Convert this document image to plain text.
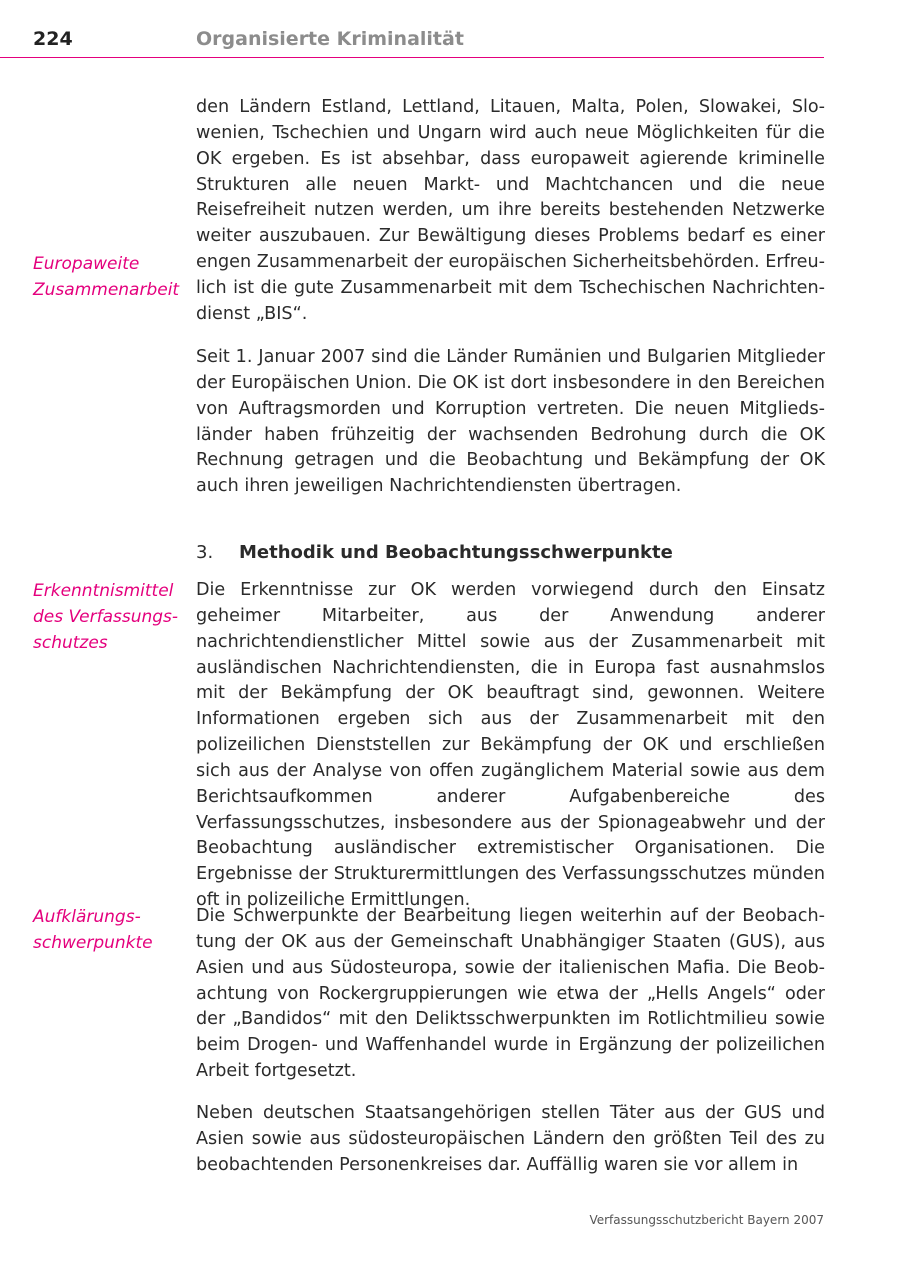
224	Organisierte Kriminalität
Europaweite Zusammenarbeit
Erkenntnismittel des Verfassungsschutzes
Aufklärungsschwerpunkte

den Ländern Estland, Lettland, Litauen, Malta, Polen, Slowakei, Slowenien, Tschechien und Ungarn wird auch neue Möglichkeiten für die OK ergeben. Es ist absehbar, dass europaweit agierende kriminelle Strukturen alle neuen Markt- und Machtchancen und die neue Reisefreiheit nutzen werden, um ihre bereits bestehenden Netzwerke weiter auszubauen. Zur Bewältigung dieses Problems bedarf es einer engen Zusammenarbeit der europäischen Sicherheitsbehörden. Erfreulich ist die gute Zusammenarbeit mit dem Tschechischen Nachrichtendienst „BIS“.

Seit 1. Januar 2007 sind die Länder Rumänien und Bulgarien Mitglieder der Europäischen Union. Die OK ist dort insbesondere in den Bereichen von Auftragsmorden und Korruption vertreten. Die neuen Mitgliedsländer haben frühzeitig der wachsenden Bedrohung durch die OK Rechnung getragen und die Beobachtung und Bekämpfung der OK auch ihren jeweiligen Nachrichtendiensten übertragen.

3. Methodik und Beobachtungsschwerpunkte

Die Erkenntnisse zur OK werden vorwiegend durch den Einsatz geheimer Mitarbeiter, aus der Anwendung anderer nachrichtendienstlicher Mittel sowie aus der Zusammenarbeit mit ausländischen Nachrichtendiensten, die in Europa fast ausnahmslos mit der Bekämpfung der OK beauftragt sind, gewonnen. Weitere Informationen ergeben sich aus der Zusammenarbeit mit den polizeilichen Dienststellen zur Bekämpfung der OK und erschließen sich aus der Analyse von offen zugänglichem Material sowie aus dem Berichtsaufkommen anderer Aufgabenbereiche des Verfassungsschutzes, insbesondere aus der Spionageabwehr und der Beobachtung ausländischer extremistischer Organisationen. Die Ergebnisse der Strukturermittlungen des Verfassungsschutzes münden oft in polizeiliche Ermittlungen.

Die Schwerpunkte der Bearbeitung liegen weiterhin auf der Beobachtung der OK aus der Gemeinschaft Unabhängiger Staaten (GUS), aus Asien und aus Südosteuropa, sowie der italienischen Mafia. Die Beobachtung von Rockergruppierungen wie etwa der „Hells Angels“ oder der „Bandidos“ mit den Deliktsschwerpunkten im Rotlichtmilieu sowie beim Drogen- und Waffenhandel wurde in Ergänzung der polizeilichen Arbeit fortgesetzt.

Neben deutschen Staatsangehörigen stellen Täter aus der GUS und Asien sowie aus südosteuropäischen Ländern den größten Teil des zu beobachtenden Personenkreises dar. Auffällig waren sie vor allem in

Verfassungsschutzbericht Bayern 2007
